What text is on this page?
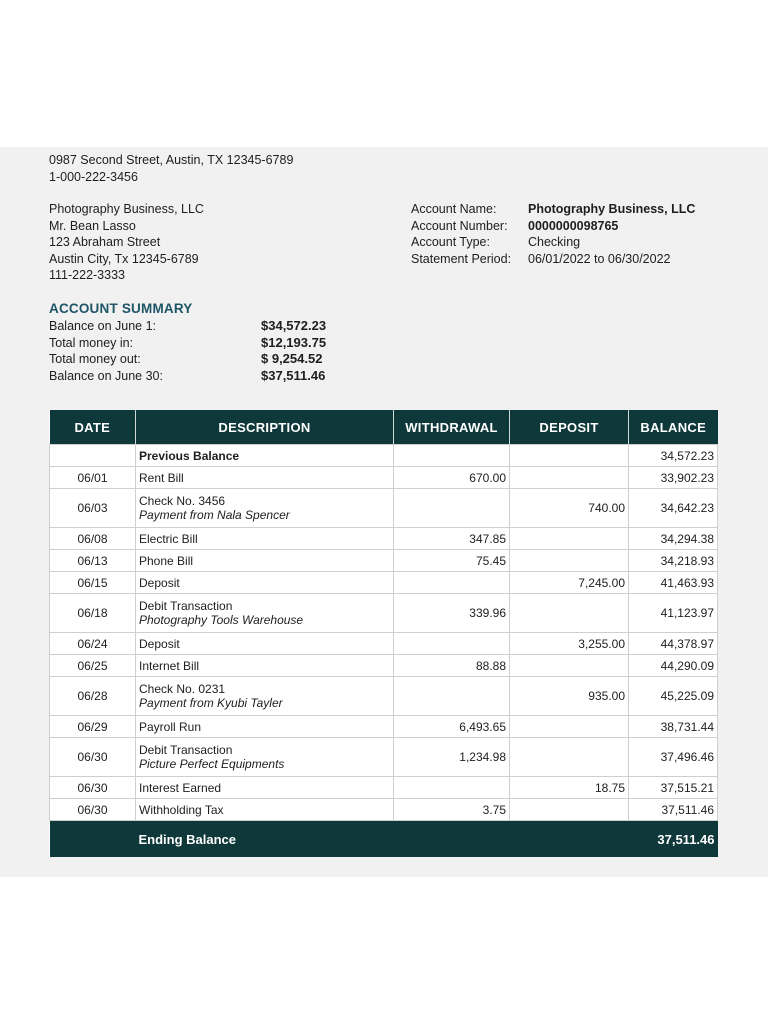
0987 Second Street, Austin, TX 12345-6789
1-000-222-3456
Photography Business, LLC
Mr. Bean Lasso
123 Abraham Street
Austin City, Tx 12345-6789
111-222-3333
Account Name:	Photography Business, LLC
Account Number:	0000000098765
Account Type:	Checking
Statement Period:	06/01/2022 to 06/30/2022
ACCOUNT SUMMARY
Balance on June 1:	$34,572.23
Total money in:	$12,193.75
Total money out:	$ 9,254.52
Balance on June 30:	$37,511.46
DATE	DESCRIPTION	WITHDRAWAL	DEPOSIT	BALANCE

	Previous Balance			34,572.23
06/01	Rent Bill	670.00		33,902.23
06/03	Check No. 3456
Payment from Nala Spencer		740.00	34,642.23
06/08	Electric Bill	347.85		34,294.38
06/13	Phone Bill	75.45		34,218.93
06/15	Deposit		7,245.00	41,463.93
06/18	Debit Transaction
Photography Tools Warehouse	339.96		41,123.97
06/24	Deposit		3,255.00	44,378.97
06/25	Internet Bill	88.88		44,290.09
06/28	Check No. 0231
Payment from Kyubi Tayler		935.00	45,225.09
06/29	Payroll Run	6,493.65		38,731.44
06/30	Debit Transaction
Picture Perfect Equipments	1,234.98		37,496.46
06/30	Interest Earned		18.75	37,515.21
06/30	Withholding Tax	3.75		37,511.46
	Ending Balance			37,511.46
